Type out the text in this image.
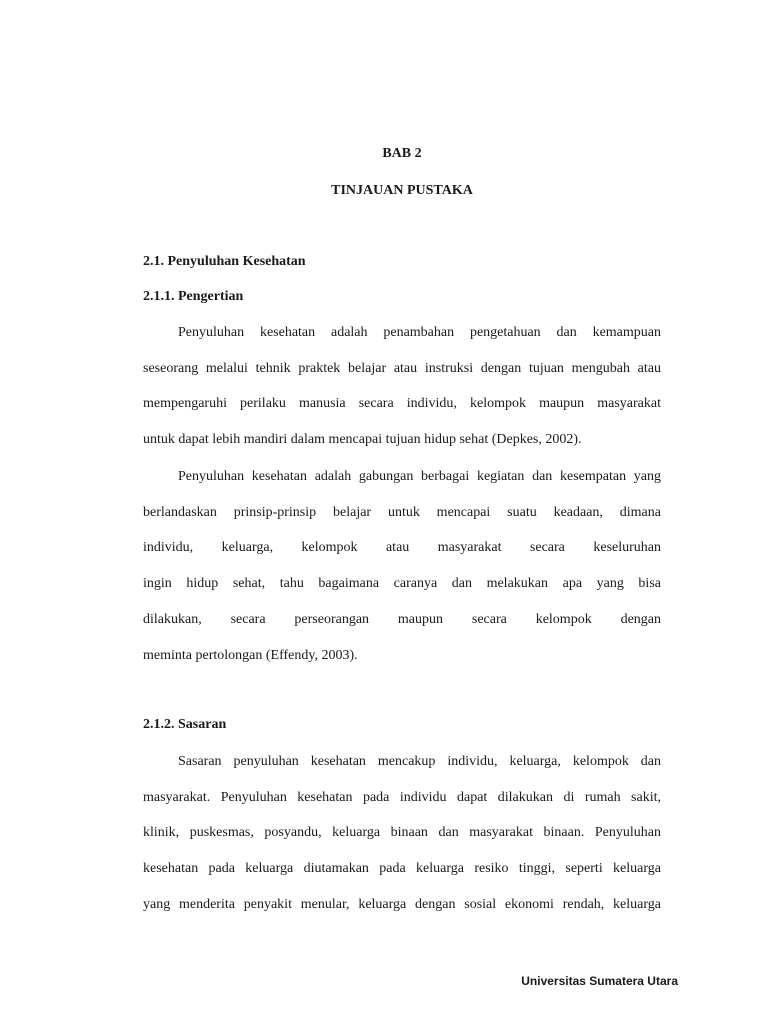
BAB 2
TINJAUAN PUSTAKA
2.1. Penyuluhan Kesehatan
2.1.1. Pengertian
Penyuluhan kesehatan adalah penambahan pengetahuan dan kemampuan
seseorang melalui tehnik praktek belajar atau instruksi dengan tujuan mengubah atau
mempengaruhi perilaku manusia secara individu, kelompok maupun masyarakat
untuk dapat lebih mandiri dalam mencapai tujuan hidup sehat (Depkes, 2002).
Penyuluhan kesehatan adalah gabungan berbagai kegiatan dan kesempatan yang
berlandaskan prinsip-prinsip belajar untuk mencapai suatu keadaan, dimana
individu, keluarga, kelompok atau masyarakat secara keseluruhan
ingin hidup sehat, tahu bagaimana caranya dan melakukan apa yang bisa
dilakukan, secara perseorangan maupun secara kelompok dengan
meminta pertolongan (Effendy, 2003).
2.1.2. Sasaran
Sasaran penyuluhan kesehatan mencakup individu, keluarga, kelompok dan
masyarakat. Penyuluhan kesehatan pada individu dapat dilakukan di rumah sakit,
klinik, puskesmas, posyandu, keluarga binaan dan masyarakat binaan. Penyuluhan
kesehatan pada keluarga diutamakan pada keluarga resiko tinggi, seperti keluarga
yang menderita penyakit menular, keluarga dengan sosial ekonomi rendah, keluarga
Universitas Sumatera Utara
